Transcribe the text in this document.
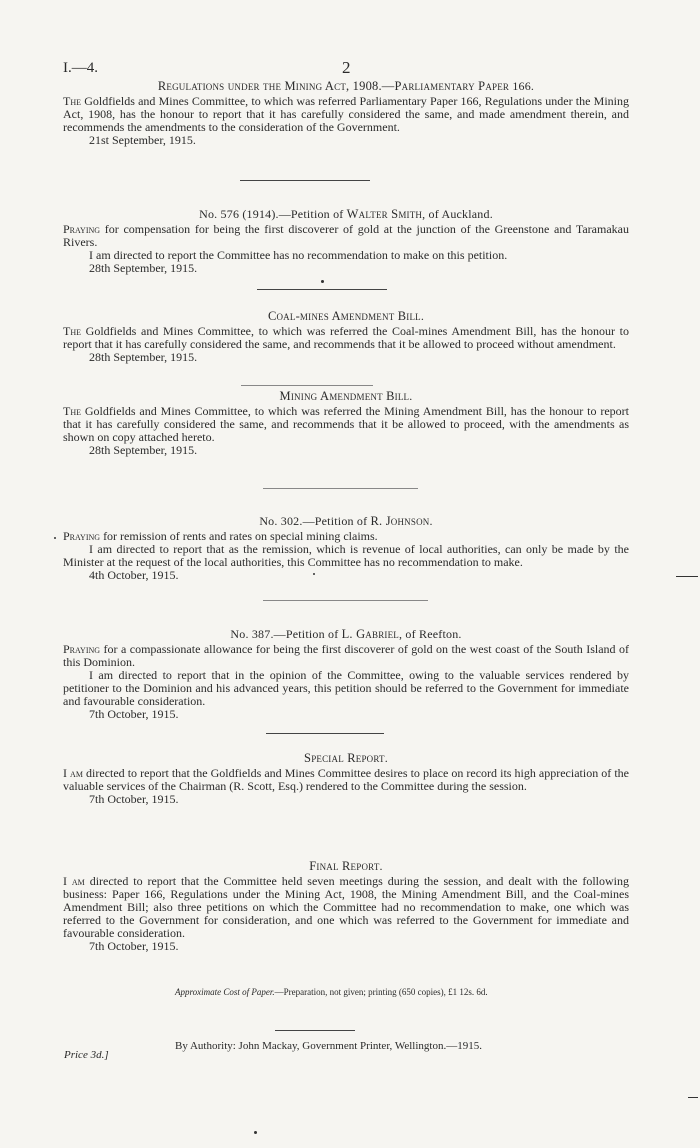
I.—4.	2
Regulations under the Mining Act, 1908.—Parliamentary Paper 166.

The Goldfields and Mines Committee, to which was referred Parliamentary Paper 166, Regulations under the Mining Act, 1908, has the honour to report that it has carefully considered the same, and made amendment therein, and recommends the amendments to the consideration of the Government.

21st September, 1915.
No. 576 (1914).—Petition of Walter Smith, of Auckland.

Praying for compensation for being the first discoverer of gold at the junction of the Greenstone and Taramakau Rivers.

I am directed to report the Committee has no recommendation to make on this petition.

28th September, 1915.
Coal-mines Amendment Bill.

The Goldfields and Mines Committee, to which was referred the Coal-mines Amendment Bill, has the honour to report that it has carefully considered the same, and recommends that it be allowed to proceed without amendment.

28th September, 1915.
Mining Amendment Bill.

The Goldfields and Mines Committee, to which was referred the Mining Amendment Bill, has the honour to report that it has carefully considered the same, and recommends that it be allowed to proceed, with the amendments as shown on copy attached hereto.

28th September, 1915.
No. 302.—Petition of R. Johnson.

Praying for remission of rents and rates on special mining claims.

I am directed to report that as the remission, which is revenue of local authorities, can only be made by the Minister at the request of the local authorities, this Committee has no recommendation to make.

4th October, 1915.
No. 387.—Petition of L. Gabriel, of Reefton.

Praying for a compassionate allowance for being the first discoverer of gold on the west coast of the South Island of this Dominion.

I am directed to report that in the opinion of the Committee, owing to the valuable services rendered by petitioner to the Dominion and his advanced years, this petition should be referred to the Government for immediate and favourable consideration.

7th October, 1915.
Special Report.

I am directed to report that the Goldfields and Mines Committee desires to place on record its high appreciation of the valuable services of the Chairman (R. Scott, Esq.) rendered to the Committee during the session.

7th October, 1915.
Final Report.

I am directed to report that the Committee held seven meetings during the session, and dealt with the following business: Paper 166, Regulations under the Mining Act, 1908, the Mining Amendment Bill, and the Coal-mines Amendment Bill; also three petitions on which the Committee had no recommendation to make, one which was referred to the Government for consideration, and one which was referred to the Government for immediate and favourable consideration.

7th October, 1915.
Approximate Cost of Paper.—Preparation, not given; printing (650 copies), £1 12s. 6d.
By Authority: John Mackay, Government Printer, Wellington.—1915.
Price 3d.]
